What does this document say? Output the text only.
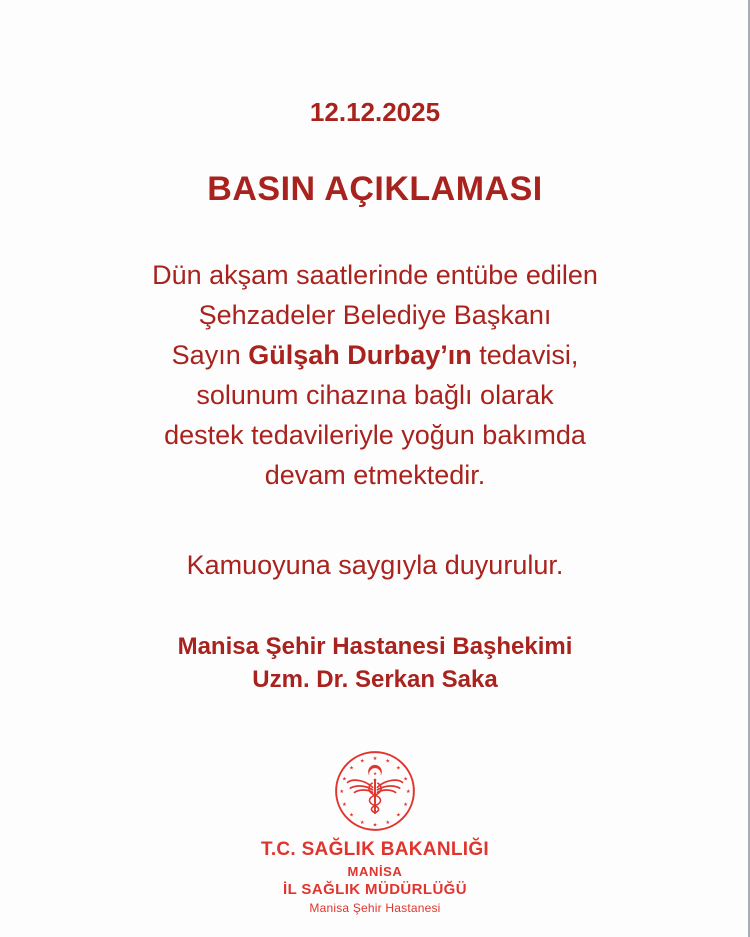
12.12.2025
BASIN AÇIKLAMASI
Dün akşam saatlerinde entübe edilen
Şehzadeler Belediye Başkanı
Sayın Gülşah Durbay’ın tedavisi,
solunum cihazına bağlı olarak
destek tedavileriyle yoğun bakımda
devam etmektedir.
Kamuoyuna saygıyla duyurulur.
Manisa Şehir Hastanesi Başhekimi
Uzm. Dr. Serkan Saka
★
★
★
★
★
★
★
★ ★ ★
★
★
★
★
★
★
★
T.C. SAĞLIK BAKANLIĞI
MANİSA
İL SAĞLIK MÜDÜRLÜĞÜ
Manisa Şehir Hastanesi
